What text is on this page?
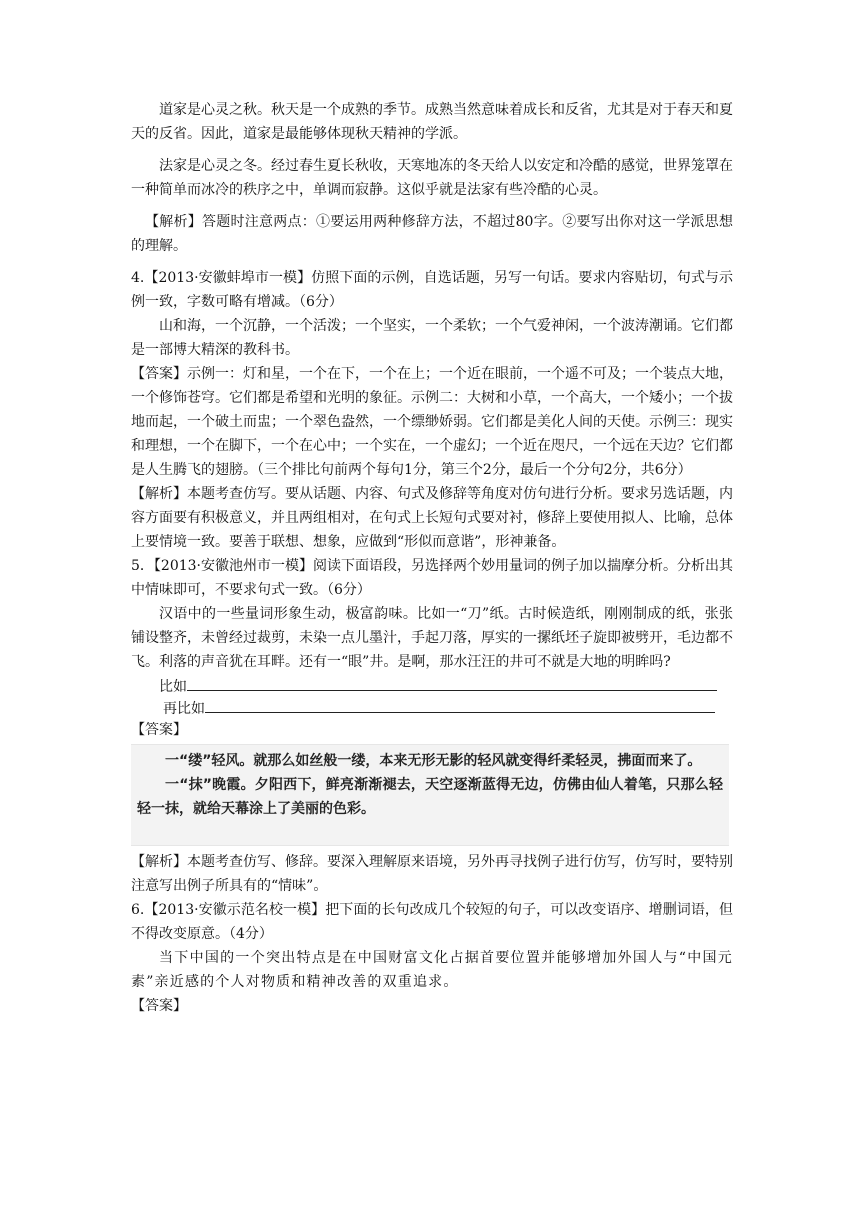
道家是心灵之秋。秋天是一个成熟的季节。成熟当然意味着成长和反省，尤其是对于春天和夏天的反省。因此，道家是最能够体现秋天精神的学派。

法家是心灵之冬。经过春生夏长秋收，天寒地冻的冬天给人以安定和冷酷的感觉，世界笼罩在一种简单而冰冷的秩序之中，单调而寂静。这似乎就是法家有些冷酷的心灵。

【解析】答题时注意两点：①要运用两种修辞方法，不超过80字。②要写出你对这一学派思想的理解。

4.【2013·安徽蚌埠市一模】仿照下面的示例，自选话题，另写一句话。要求内容贴切，句式与示例一致，字数可略有增减。（6分）

山和海，一个沉静，一个活泼；一个坚实，一个柔软；一个气爱神闲，一个波涛潮诵。它们都是一部博大精深的教科书。

【答案】示例一：灯和星，一个在下，一个在上；一个近在眼前，一个遥不可及；一个装点大地，一个修饰苍穹。它们都是希望和光明的象征。示例二：大树和小草，一个高大，一个矮小；一个拔地而起，一个破土而盅；一个翠色盎然，一个缥缈娇弱。它们都是美化人间的天使。示例三：现实和理想，一个在脚下，一个在心中；一个实在，一个虚幻；一个近在咫尺，一个远在天边？它们都是人生腾飞的翅膀。（三个排比句前两个每句1分，第三个2分，最后一个分句2分，共6分）

【解析】本题考查仿写。要从话题、内容、句式及修辞等角度对仿句进行分析。要求另选话题，内容方面要有积极意义，并且两组相对，在句式上长短句式要对衬，修辞上要使用拟人、比喻，总体上要情境一致。要善于联想、想象，应做到“形似而意谐”，形神兼备。

5．【2013·安徽池州市一模】阅读下面语段，另选择两个妙用量词的例子加以揣摩分析。分析出其中情味即可，不要求句式一致。（6分）

汉语中的一些量词形象生动，极富韵味。比如一“刀”纸。古时候造纸，刚刚制成的纸，张张铺设整齐，未曾经过裁剪，未染一点儿墨汁，手起刀落，厚实的一摞纸坯子旋即被劈开，毛边都不飞。利落的声音犹在耳畔。还有一“眼”井。是啊，那水汪汪的井可不就是大地的明眸吗?

比如
再比如

【答案】

一“缕”轻风。就那么如丝般一缕，本来无形无影的轻风就变得纤柔轻灵，拂面而来了。

一“抹”晚霞。夕阳西下，鲜亮渐渐褪去，天空逐渐蓝得无边，仿佛由仙人着笔，只那么轻轻一抹，就给天幕涂上了美丽的色彩。

【解析】本题考查仿写、修辞。要深入理解原来语境，另外再寻找例子进行仿写，仿写时，要特别注意写出例子所具有的“情味”。

6.【2013·安徽示范名校一模】把下面的长句改成几个较短的句子，可以改变语序、增删词语，但不得改变原意。（4分）

当下中国的一个突出特点是在中国财富文化占据首要位置并能够增加外国人与“中国元素”亲近感的个人对物质和精神改善的双重追求。

【答案】
